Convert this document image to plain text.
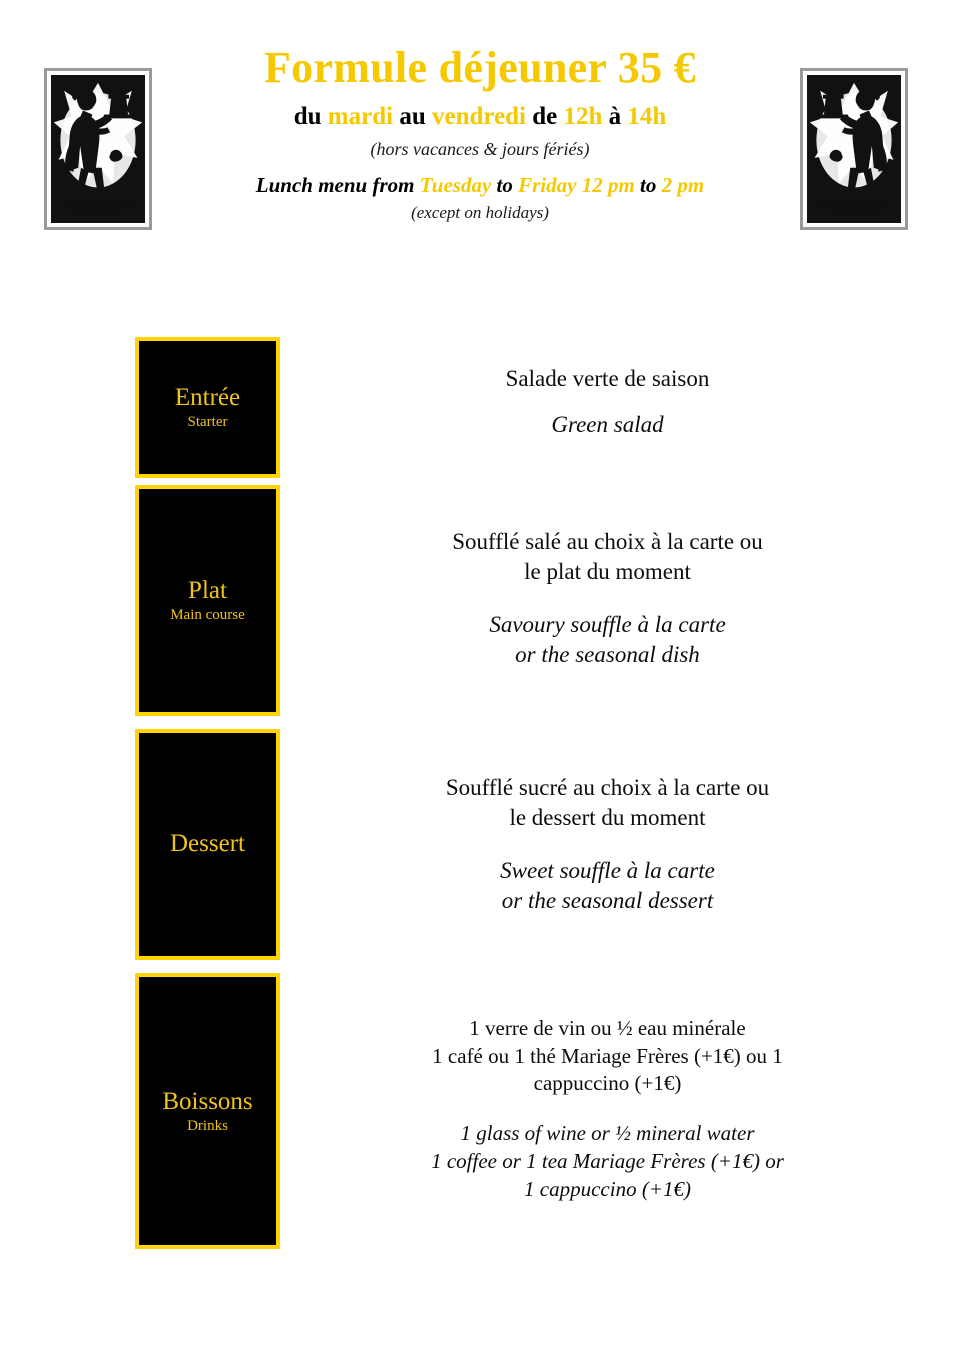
Formule déjeuner 35 €
du mardi au vendredi de 12h à 14h
(hors vacances & jours fériés)
Lunch menu from Tuesday to Friday 12 pm to 2 pm
(except on holidays)
Entrée
Starter
Salade verte de saison
Green salad
Plat
Main course
Soufflé salé au choix à la carte ou
le plat du moment
Savoury souffle à la carte
or the seasonal dish
Dessert
Soufflé sucré au choix à la carte ou
le dessert du moment
Sweet souffle à la carte
or the seasonal dessert
Boissons
Drinks
1 verre de vin ou ½ eau minérale
1 café ou 1 thé Mariage Frères (+1€) ou 1
cappuccino (+1€)
1 glass of wine or ½ mineral water
1 coffee or 1 tea Mariage Frères (+1€) or
1 cappuccino (+1€)
